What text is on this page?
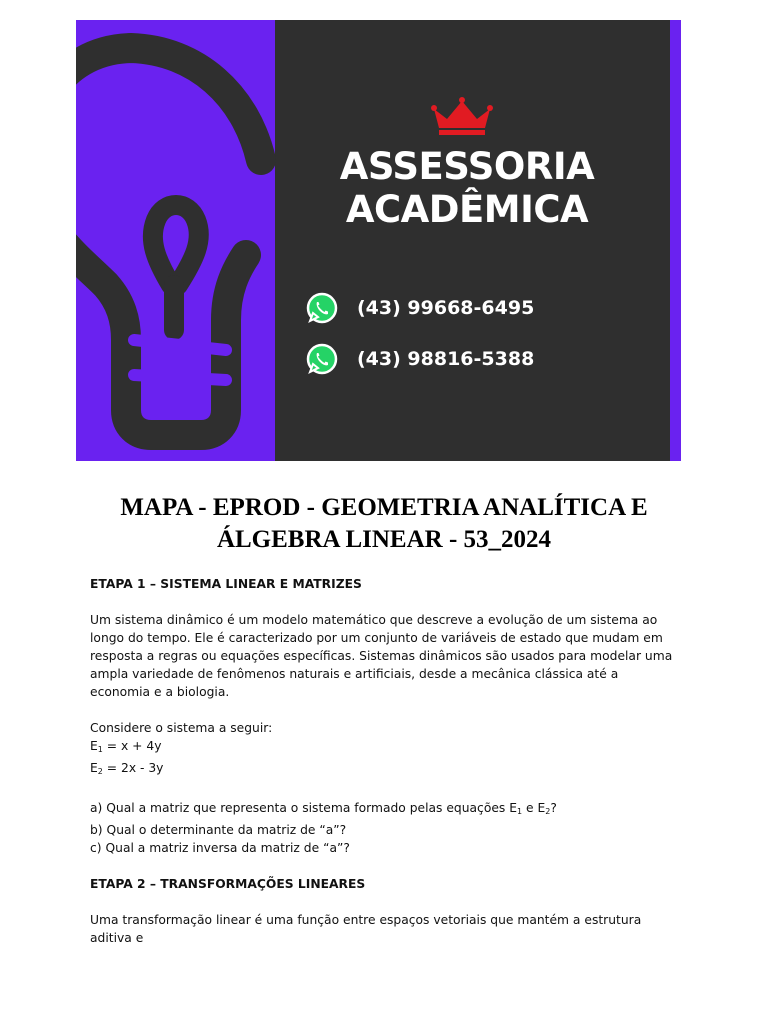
ASSESSORIA
ACADÊMICA
(43) 99668-6495
(43) 98816-5388
MAPA - EPROD - GEOMETRIA ANALÍTICA E ÁLGEBRA LINEAR - 53_2024

ETAPA 1 – SISTEMA LINEAR E MATRIZES

Um sistema dinâmico é um modelo matemático que descreve a evolução de um sistema ao longo do tempo. Ele é caracterizado por um conjunto de variáveis de estado que mudam em resposta a regras ou equações específicas. Sistemas dinâmicos são usados para modelar uma ampla variedade de fenômenos naturais e artificiais, desde a mecânica clássica até a economia e a biologia.

Considere o sistema a seguir:

$E_1 = x + 4y$

$E_2 = 2x - 3y$

a) Qual a matriz que representa o sistema formado pelas equações $E_1$ e $E_2$?

b) Qual o determinante da matriz de “a”?

c) Qual a matriz inversa da matriz de “a”?

ETAPA 2 – TRANSFORMAÇÕES LINEARES

Uma transformação linear é uma função entre espaços vetoriais que mantém a estrutura aditiva e
